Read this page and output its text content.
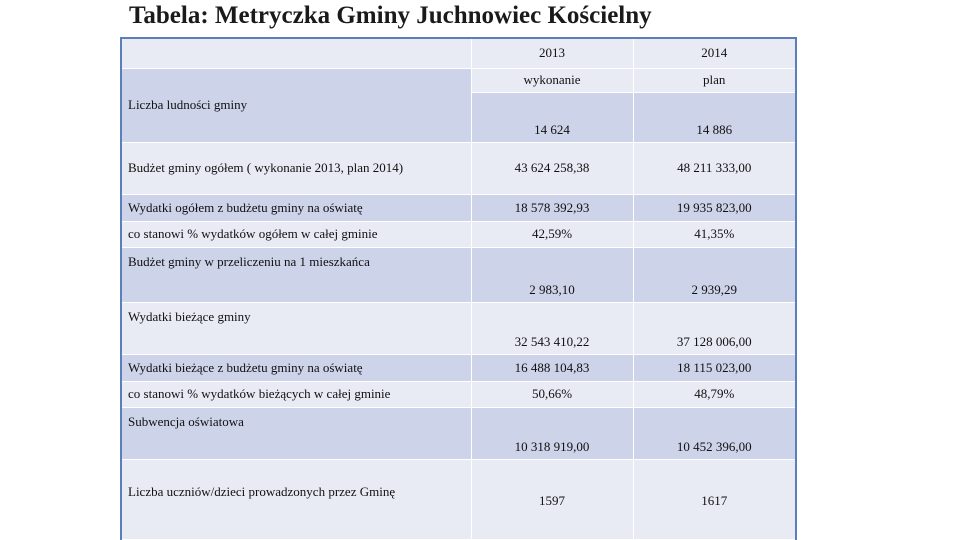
Tabela: Metryczka Gminy Juchnowiec Kościelny
	2013	2014
Liczba ludności gminy	wykonanie	plan
	14 624	14 886
Budżet gminy ogółem ( wykonanie 2013, plan 2014)	43 624 258,38	48 211 333,00
Wydatki ogółem z budżetu gminy na oświatę	18 578 392,93	19 935 823,00
co stanowi % wydatków ogółem w całej gminie	42,59%	41,35%
Budżet gminy w przeliczeniu na 1 mieszkańca	2 983,10	2 939,29
Wydatki bieżące gminy	32 543 410,22	37 128 006,00
Wydatki bieżące z budżetu gminy na oświatę	16 488 104,83	18 115 023,00
co stanowi % wydatków bieżących w całej gminie	50,66%	48,79%
Subwencja oświatowa	10 318 919,00	10 452 396,00
Liczba uczniów/dzieci prowadzonych przez Gminę	1597	1617
